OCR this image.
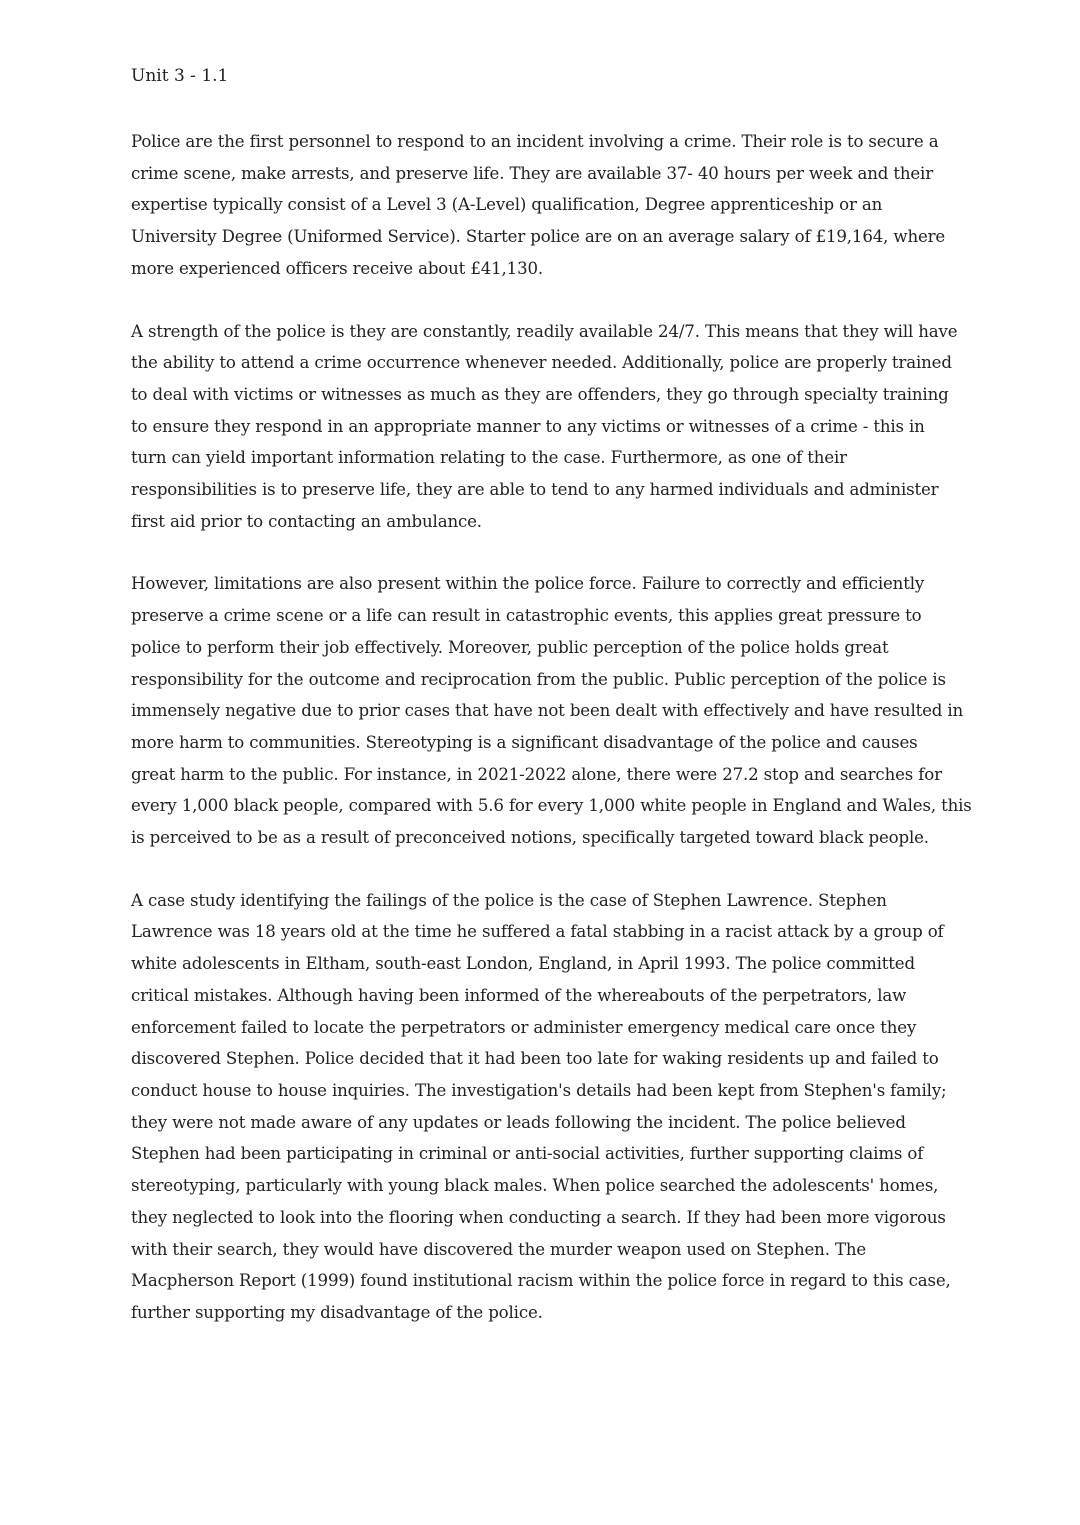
Unit 3 - 1.1
Police are the first personnel to respond to an incident involving a crime. Their role is to secure a
crime scene, make arrests, and preserve life. They are available 37- 40 hours per week and their
expertise typically consist of a Level 3 (A-Level) qualification, Degree apprenticeship or an
University Degree (Uniformed Service). Starter police are on an average salary of £19,164, where
more experienced officers receive about £41,130.
A strength of the police is they are constantly, readily available 24/7. This means that they will have
the ability to attend a crime occurrence whenever needed. Additionally, police are properly trained
to deal with victims or witnesses as much as they are offenders, they go through specialty training
to ensure they respond in an appropriate manner to any victims or witnesses of a crime - this in
turn can yield important information relating to the case. Furthermore, as one of their
responsibilities is to preserve life, they are able to tend to any harmed individuals and administer
first aid prior to contacting an ambulance.
However, limitations are also present within the police force. Failure to correctly and efficiently
preserve a crime scene or a life can result in catastrophic events, this applies great pressure to
police to perform their job effectively. Moreover, public perception of the police holds great
responsibility for the outcome and reciprocation from the public. Public perception of the police is
immensely negative due to prior cases that have not been dealt with effectively and have resulted in
more harm to communities. Stereotyping is a significant disadvantage of the police and causes
great harm to the public. For instance, in 2021-2022 alone, there were 27.2 stop and searches for
every 1,000 black people, compared with 5.6 for every 1,000 white people in England and Wales, this
is perceived to be as a result of preconceived notions, specifically targeted toward black people.
A case study identifying the failings of the police is the case of Stephen Lawrence. Stephen
Lawrence was 18 years old at the time he suffered a fatal stabbing in a racist attack by a group of
white adolescents in Eltham, south-east London, England, in April 1993. The police committed
critical mistakes. Although having been informed of the whereabouts of the perpetrators, law
enforcement failed to locate the perpetrators or administer emergency medical care once they
discovered Stephen. Police decided that it had been too late for waking residents up and failed to
conduct house to house inquiries. The investigation's details had been kept from Stephen's family;
they were not made aware of any updates or leads following the incident. The police believed
Stephen had been participating in criminal or anti-social activities, further supporting claims of
stereotyping, particularly with young black males. When police searched the adolescents' homes,
they neglected to look into the flooring when conducting a search. If they had been more vigorous
with their search, they would have discovered the murder weapon used on Stephen. The
Macpherson Report (1999) found institutional racism within the police force in regard to this case,
further supporting my disadvantage of the police.
